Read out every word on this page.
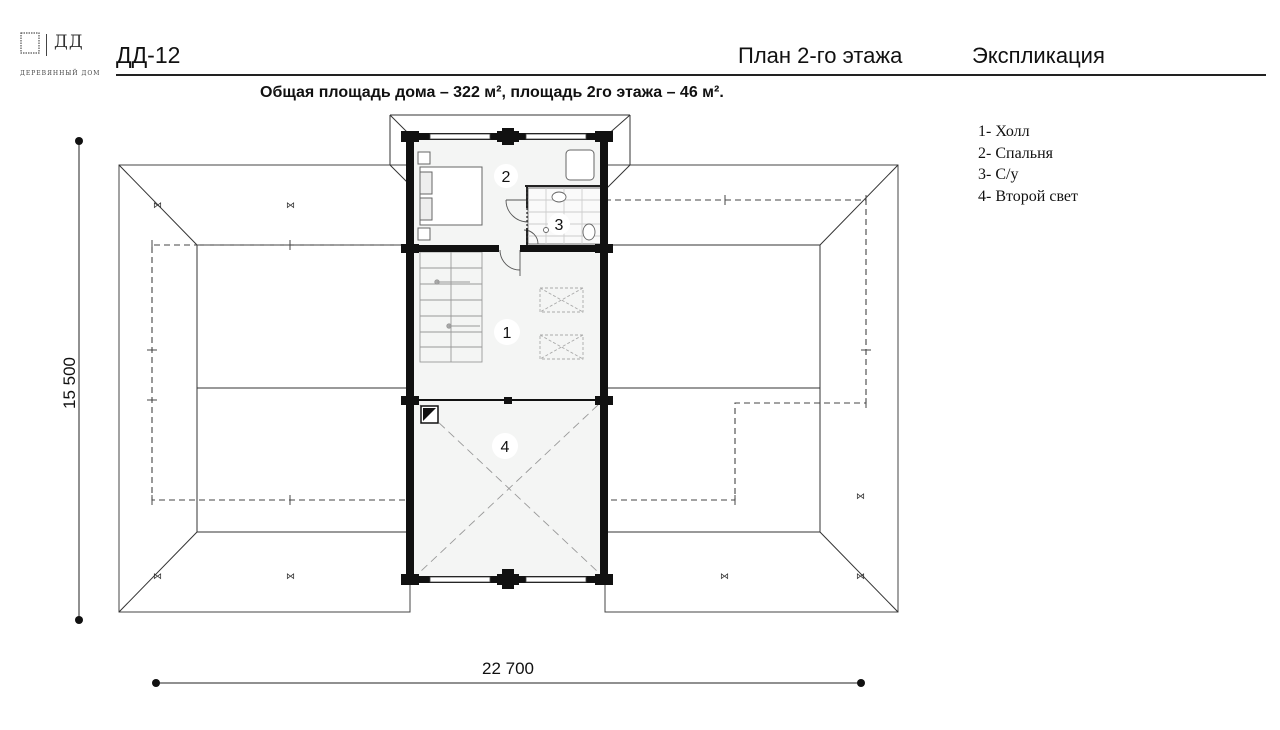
ДД
ДЕРЕВЯННЫЙ ДОМ
ДД-12	План 2-го этажа	Экспликация
Общая площадь дома – 322 м², площадь 2го этажа – 46 м².
1- Холл
2- Спальня
3- С/у
4- Второй свет
⋈	⋈
⋈	⋈	⋈	⋈
⋈
2
3
1
4
15 500
22 700
